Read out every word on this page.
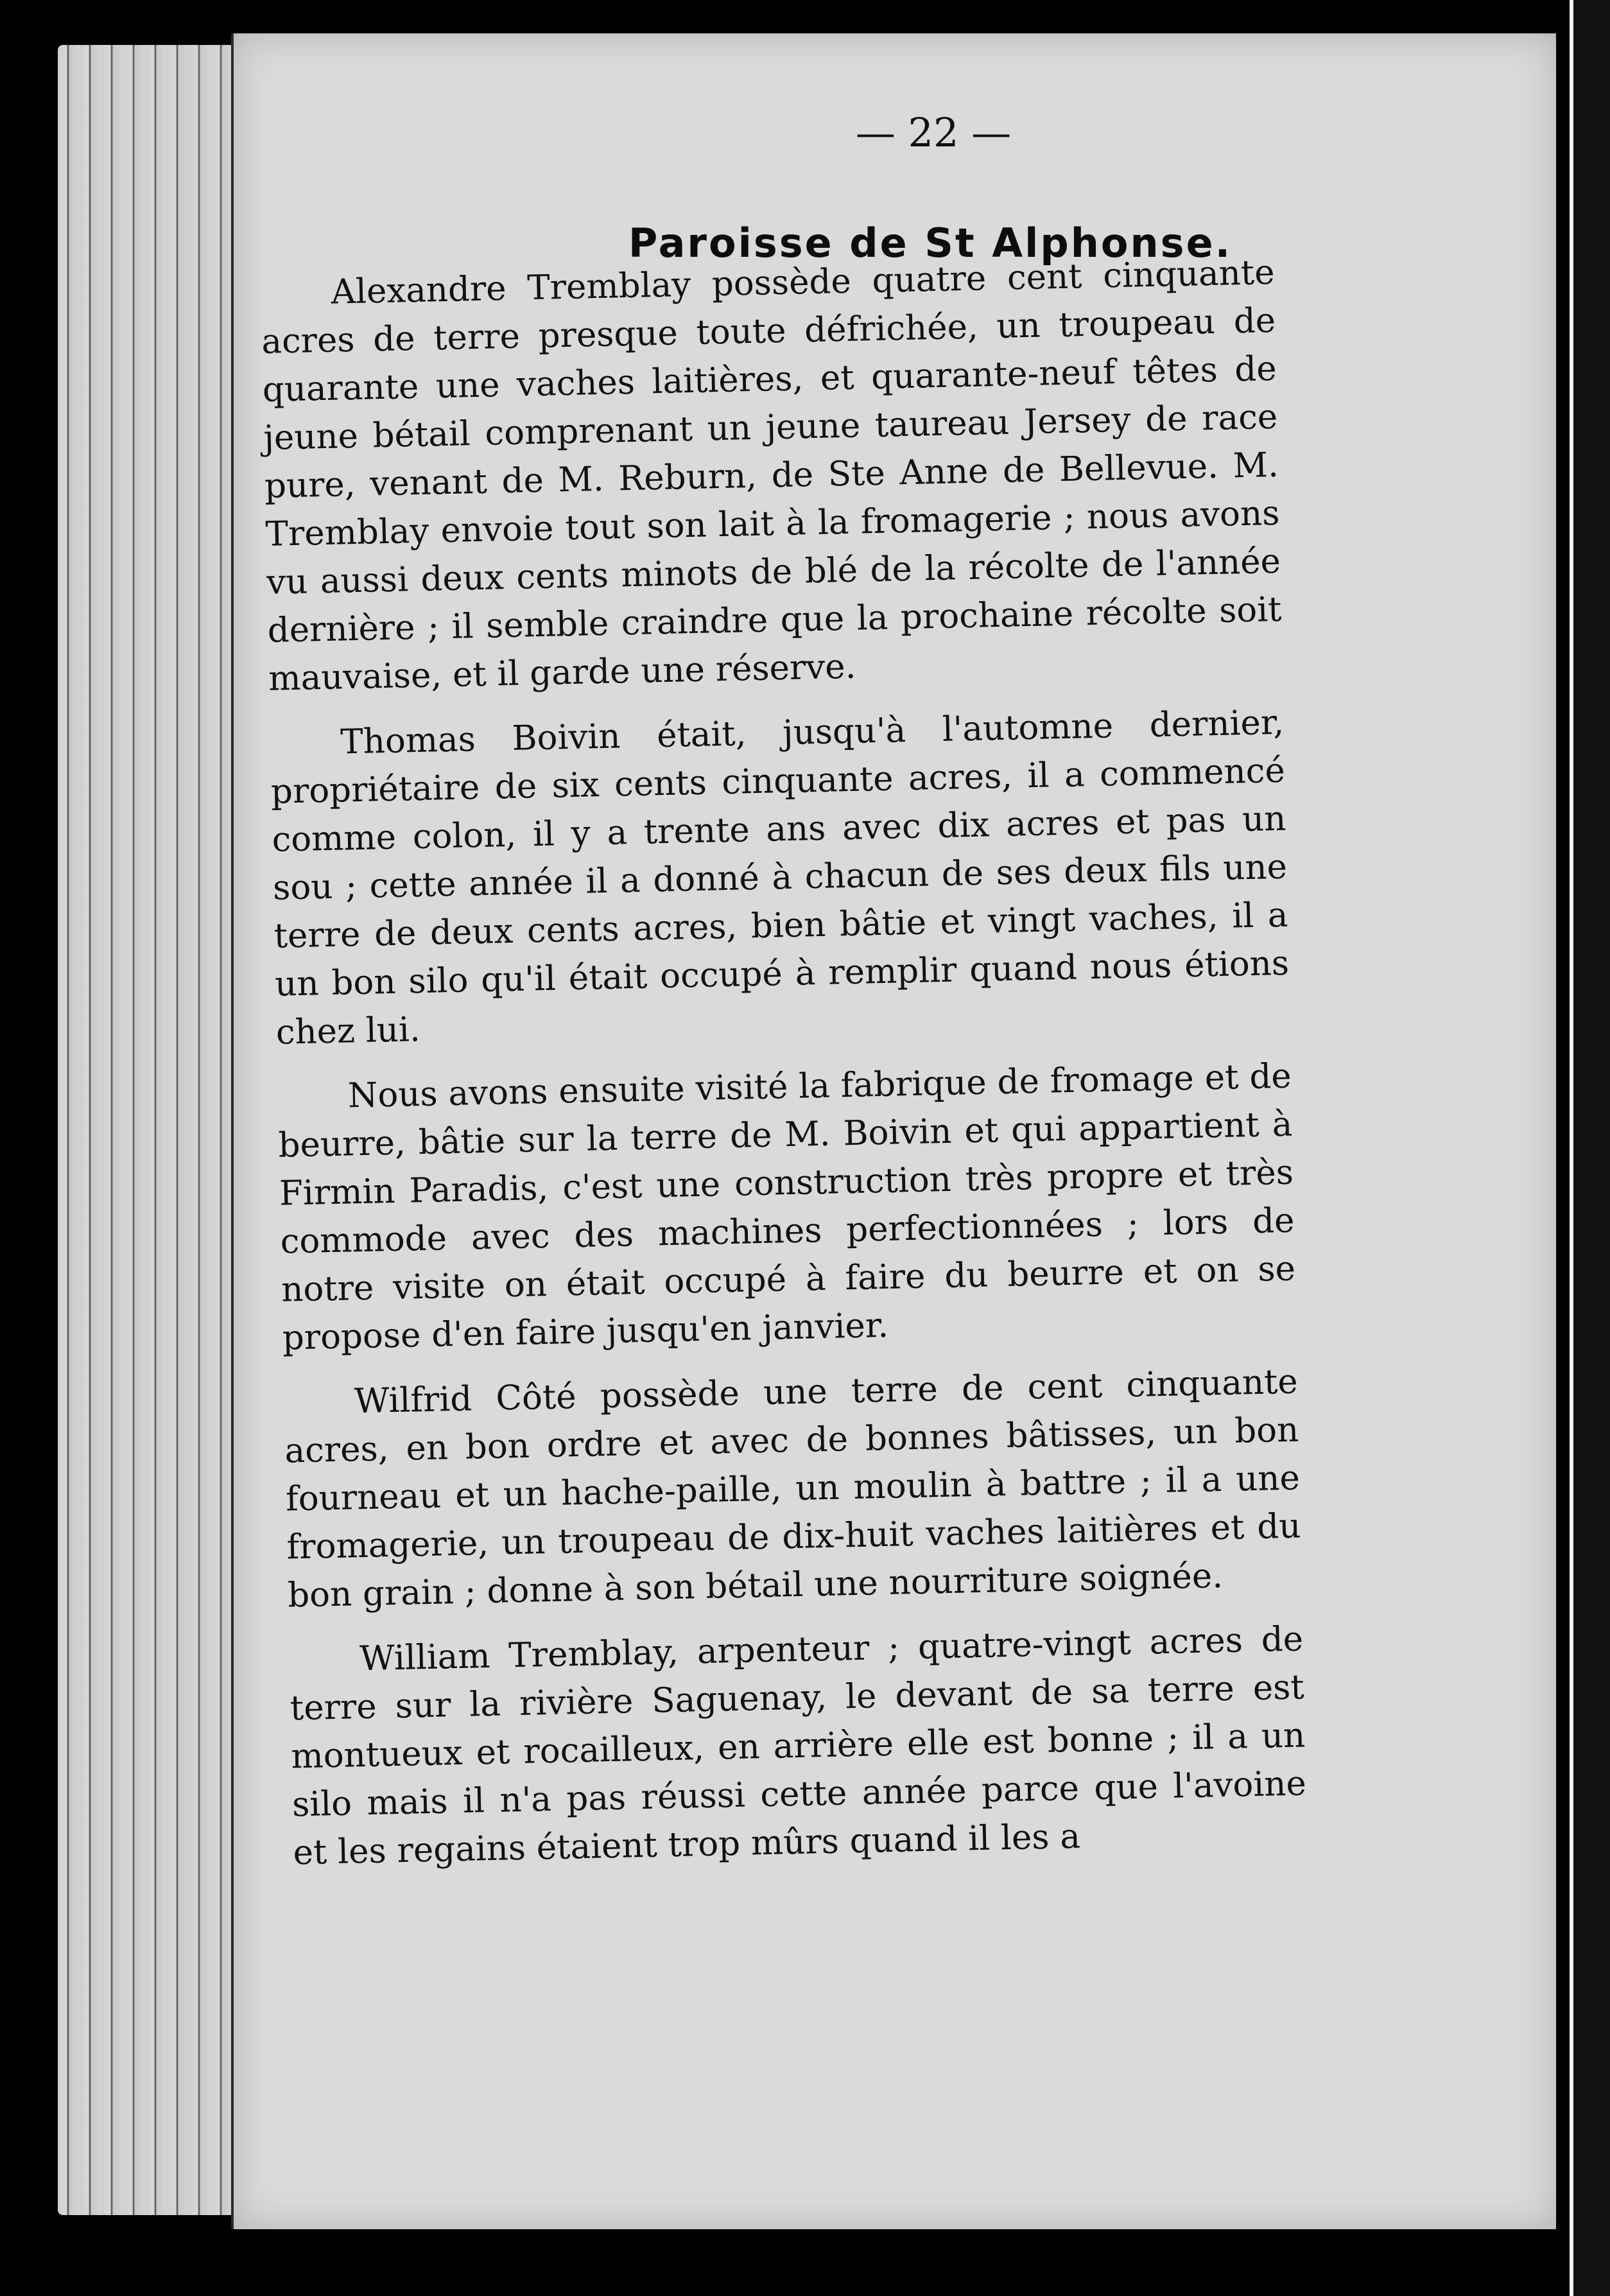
— 22 —
Paroisse de St Alphonse.

Alexandre Tremblay possède quatre cent cinquante acres de terre presque toute défrichée, un troupeau de quarante une vaches laitières, et quarante-neuf têtes de jeune bétail comprenant un jeune taureau Jersey de race pure, venant de M. Reburn, de Ste Anne de Bellevue. M. Tremblay envoie tout son lait à la fromagerie ; nous avons vu aussi deux cents minots de blé de la récolte de l'année dernière ; il semble craindre que la prochaine récolte soit mauvaise, et il garde une réserve.

Thomas Boivin était, jusqu'à l'automne dernier, propriétaire de six cents cinquante acres, il a commencé comme colon, il y a trente ans avec dix acres et pas un sou ; cette année il a donné à chacun de ses deux fils une terre de deux cents acres, bien bâtie et vingt vaches, il a un bon silo qu'il était occupé à remplir quand nous étions chez lui.

Nous avons ensuite visité la fabrique de fromage et de beurre, bâtie sur la terre de M. Boivin et qui appartient à Firmin Paradis, c'est une construction très propre et très commode avec des machines perfectionnées ; lors de notre visite on était occupé à faire du beurre et on se propose d'en faire jusqu'en janvier.

Wilfrid Côté possède une terre de cent cinquante acres, en bon ordre et avec de bonnes bâtisses, un bon fourneau et un hache-paille, un moulin à battre ; il a une fromagerie, un troupeau de dix-huit vaches laitières et du bon grain ; donne à son bétail une nourriture soignée.

William Tremblay, arpenteur ; quatre-vingt acres de terre sur la rivière Saguenay, le devant de sa terre est montueux et rocailleux, en arrière elle est bonne ; il a un silo mais il n'a pas réussi cette année parce que l'avoine et les regains étaient trop mûrs quand il les a
